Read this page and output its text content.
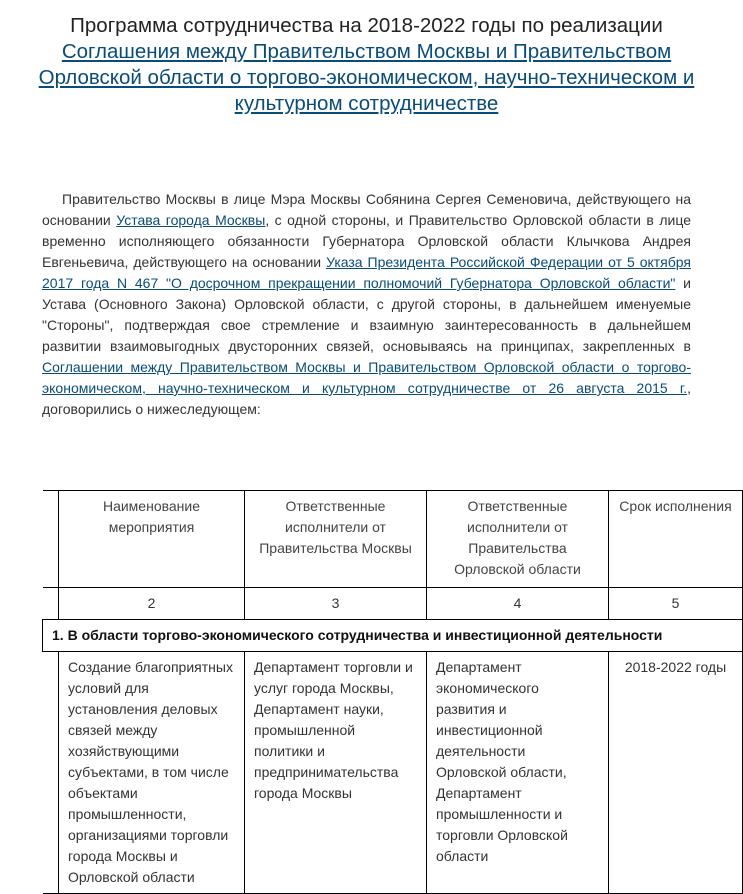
Программа сотрудничества на 2018-2022 годы по реализации
Соглашения между Правительством Москвы и Правительством Орловской области о торгово-экономическом, научно-техническом и культурном сотрудничестве

Правительство Москвы в лице Мэра Москвы Собянина Сергея Семеновича, действующего на основании Устава города Москвы, с одной стороны, и Правительство Орловской области в лице временно исполняющего обязанности Губернатора Орловской области Клычкова Андрея Евгеньевича, действующего на основании Указа Президента Российской Федерации от 5 октября 2017 года N 467 "О досрочном прекращении полномочий Губернатора Орловской области" и Устава (Основного Закона) Орловской области, с другой стороны, в дальнейшем именуемые "Стороны", подтверждая свое стремление и взаимную заинтересованность в дальнейшем развитии взаимовыгодных двусторонних связей, основываясь на принципах, закрепленных в Соглашении между Правительством Москвы и Правительством Орловской области о торгово-экономическом, научно-техническом и культурном сотрудничестве от 26 августа 2015 г., договорились о нижеследующем:

	Наименование мероприятия	Ответственные исполнители от Правительства Москвы	Ответственные исполнители от Правительства Орловской области	Срок исполнения
	2	3	4	5
1. В области торгово-экономического сотрудничества и инвестиционной деятельности				
	Создание благоприятных условий для установления деловых связей между хозяйствующими субъектами, в том числе объектами промышленности, организациями торговли города Москвы и Орловской области	Департамент торговли и услуг города Москвы, Департамент науки, промышленной политики и предпринимательства города Москвы	Департамент экономического развития и инвестиционной деятельности Орловской области, Департамент промышленности и торговли Орловской области	2018-2022 годы
